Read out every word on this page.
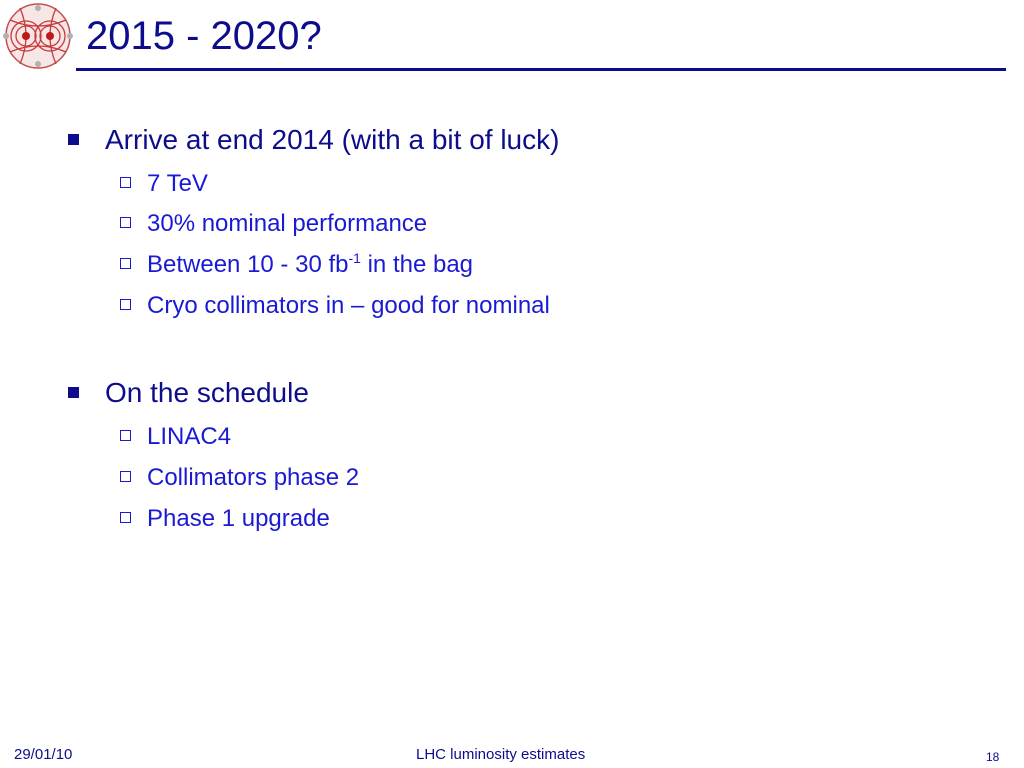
2015 - 2020?
Arrive at end 2014 (with a bit of luck)
7 TeV
30% nominal performance
Between 10 - 30 $fb^{-1}$ in the bag
Cryo collimators in – good for nominal
On the schedule
LINAC4
Collimators phase 2
Phase 1 upgrade
29/01/10	LHC luminosity estimates	18
